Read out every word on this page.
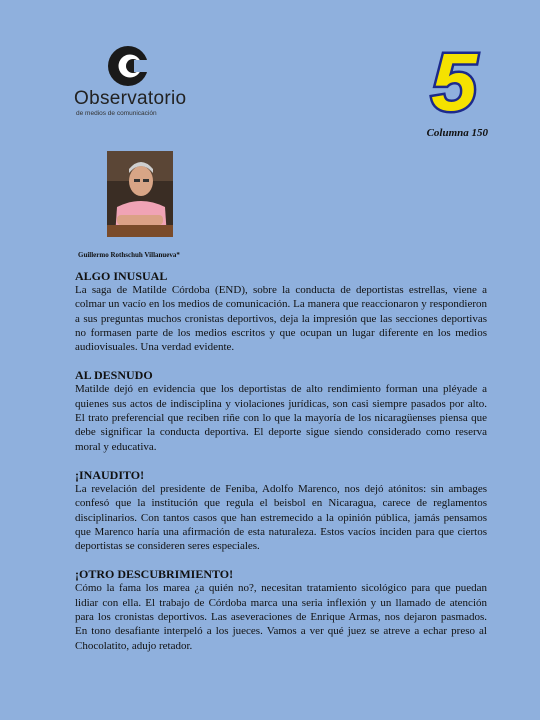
Observatorio
de medios de comunicación	5
Columna 150
Guillermo Rothschuh Villanueva*
ALGO INUSUAL

La saga de Matilde Córdoba (END), sobre la conducta de deportistas estrellas, viene a colmar un vacío en los medios de comunicación. La manera que reaccionaron y respondieron a sus preguntas muchos cronistas deportivos, deja la impresión que las secciones deportivas no formasen parte de los medios escritos y que ocupan un lugar diferente en los medios audiovisuales. Una verdad evidente.

AL DESNUDO

Matilde dejó en evidencia que los deportistas de alto rendimiento forman una pléyade a quienes sus actos de indisciplina y violaciones jurídicas, son casi siempre pasados por alto. El trato preferencial que reciben riñe con lo que la mayoría de los nicaragüenses piensa que debe significar la conducta deportiva. El deporte sigue siendo considerado como reserva moral y educativa.

¡INAUDITO!

La revelación del presidente de Feniba, Adolfo Marenco, nos dejó atónitos: sin ambages confesó que la institución que regula el beisbol en Nicaragua, carece de reglamentos disciplinarios. Con tantos casos que han estremecido a la opinión pública, jamás pensamos que Marenco haría una afirmación de esta naturaleza. Estos vacíos inciden para que ciertos deportistas se consideren seres especiales.

¡OTRO DESCUBRIMIENTO!

Cómo la fama los marea ¿a quién no?, necesitan tratamiento sicológico para que puedan lidiar con ella. El trabajo de Córdoba marca una seria inflexión y un llamado de atención para los cronistas deportivos. Las aseveraciones de Enrique Armas, nos dejaron pasmados. En tono desafiante interpeló a los jueces. Vamos a ver qué juez se atreve a echar preso al Chocolatito, adujo retador.
